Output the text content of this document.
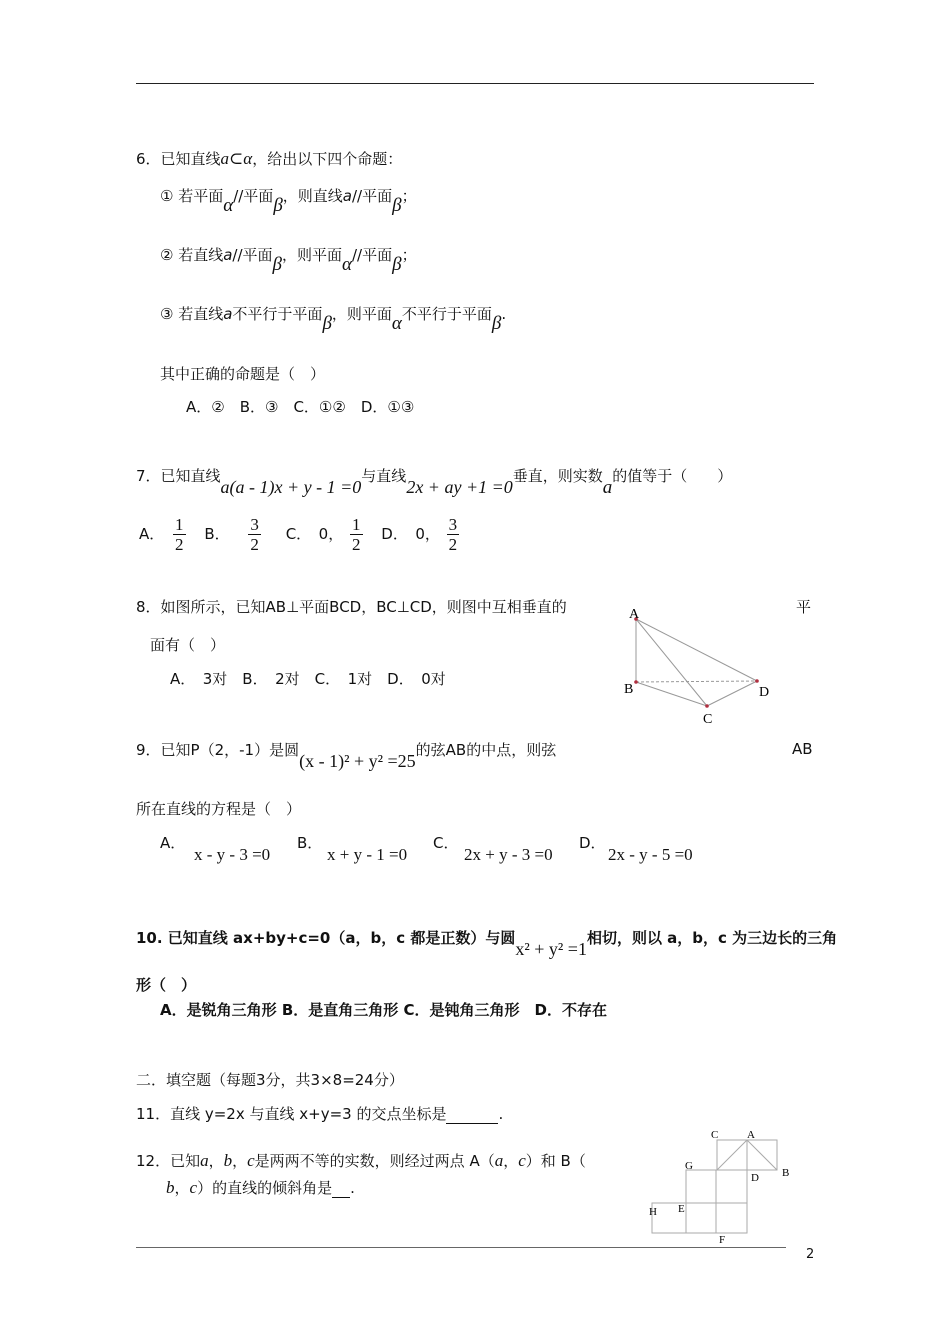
6．已知直线a⊂α，给出以下四个命题：
① 若平面α//平面β，则直线a//平面β；
② 若直线a//平面β，则平面α//平面β；
③ 若直线a不平行于平面β，则平面α不平行于平面β.
其中正确的命题是（　）
A．②　B．③　C．①②　D．①③
7．已知直线a(a - 1)x + y - 1 =0与直线2x + ay +1 =0垂直，则实数a的值等于（　　）
A． $\frac{1}{2}$ B． $\frac{3}{2}$ C．　0， $\frac{1}{2}$ D．　0， $\frac{3}{2}$
8．如图所示，已知AB⊥平面BCD，BC⊥CD，则图中互相垂直的	平
面有（　）
A．　3对　B．　2对　C．　1对　D．　0对
A
B
C
D
9．已知P（2，-1）是圆(x - 1)² + y² =25的弦AB的中点，则弦	AB
所在直线的方程是（　）
A．
x - y - 3 =0
B．
x + y - 1 =0
C．
2x + y - 3 =0
D．
2x - y - 5 =0
10. 已知直线 ax+by+c=0（a，b，c 都是正数）与圆x² + y² =1相切，则以 a，b，c 为三边长的三角
形（　）
A．是锐角三角形 B．是直角三角形 C．是钝角三角形　D．不存在
二．填空题（每题3分，共3×8=24分）
11．直线 y=2x 与直线 x+y=3 的交点坐标是	.
12．已知a，b，c是两两不等的实数，则经过两点 A（a，c）和 B（
b，c）的直线的倾斜角是 .
C	A
G
B
D
H E
F
2
